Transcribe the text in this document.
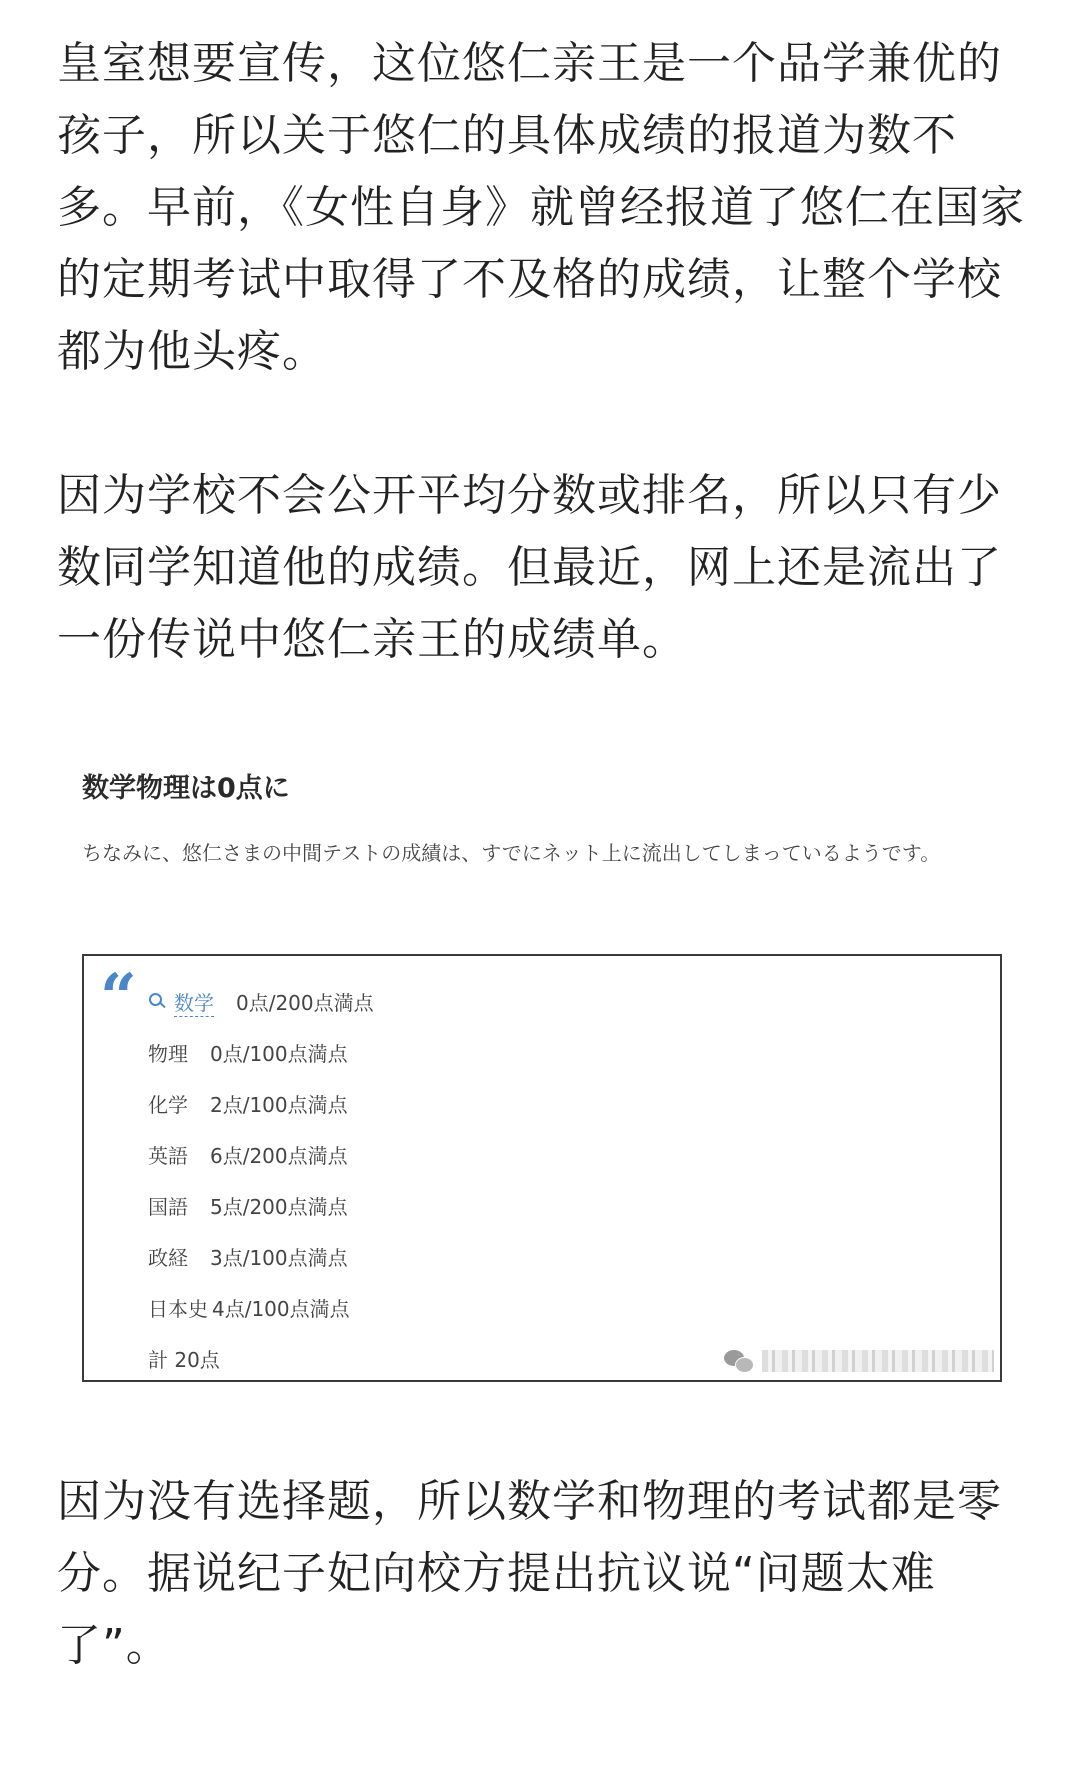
皇室想要宣传，这位悠仁亲王是一个品学兼优的孩子，所以关于悠仁的具体成绩的报道为数不多。早前，《女性自身》就曾经报道了悠仁在国家的定期考试中取得了不及格的成绩，让整个学校都为他头疼。

因为学校不会公开平均分数或排名，所以只有少数同学知道他的成绩。但最近，网上还是流出了一份传说中悠仁亲王的成绩单。

数学物理は0点に

ちなみに、悠仁さまの中間テストの成績は、すでにネット上に流出してしまっているようです。

“ 数学 0点/200点満点
物理 0点/100点満点
化学 2点/100点満点
英語 6点/200点満点
国語 5点/200点満点
政経 3点/100点満点
日本史 4点/100点満点
計 20点

因为没有选择题，所以数学和物理的考试都是零分。据说纪子妃向校方提出抗议说“问题太难了”。
